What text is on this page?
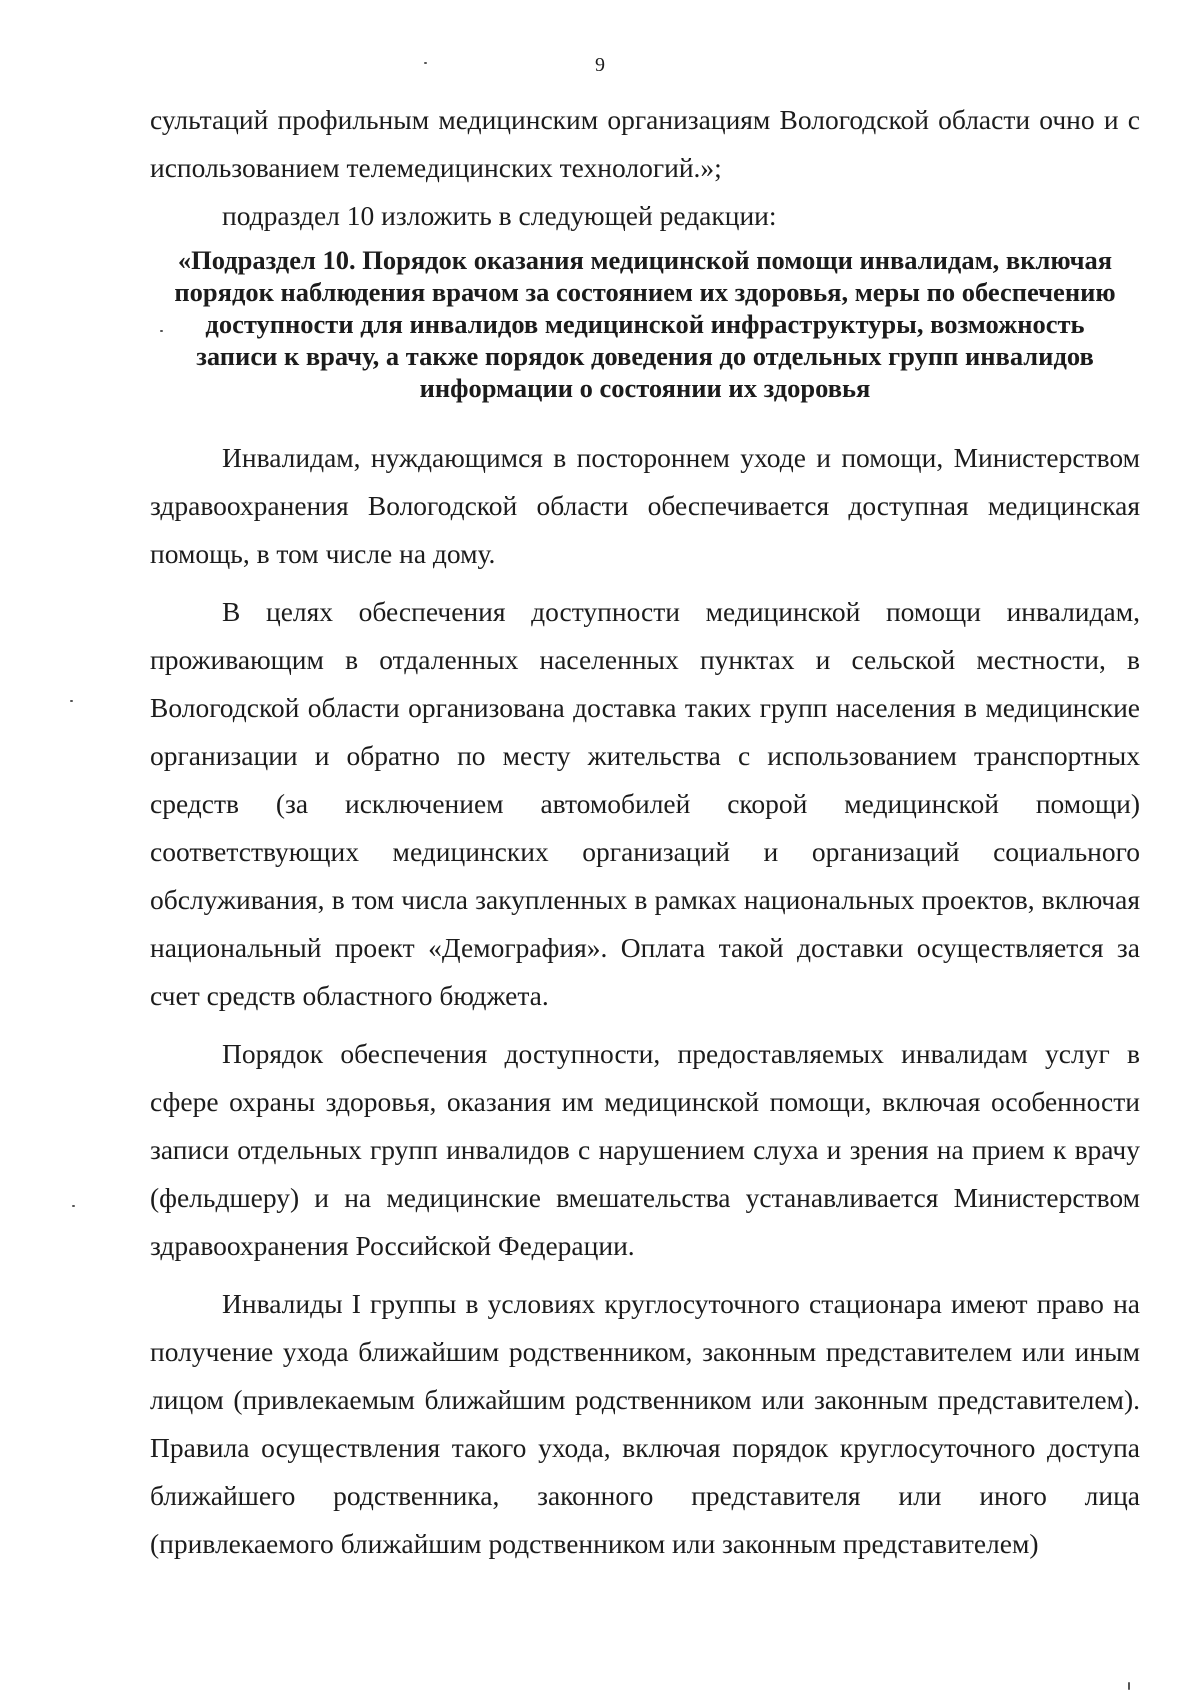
9

сультаций профильным медицинским организациям Вологодской области очно и с использованием телемедицинских технологий.»;

подраздел 10 изложить в следующей редакции:

«Подраздел 10. Порядок оказания медицинской помощи инвалидам, включая порядок наблюдения врачом за состоянием их здоровья, меры по обеспечению доступности для инвалидов медицинской инфраструктуры, возможность записи к врачу, а также порядок доведения до отдельных групп инвалидов информации о состоянии их здоровья

Инвалидам, нуждающимся в постороннем уходе и помощи, Министерством здравоохранения Вологодской области обеспечивается доступная медицинская помощь, в том числе на дому.

В целях обеспечения доступности медицинской помощи инвалидам, проживающим в отдаленных населенных пунктах и сельской местности, в Вологодской области организована доставка таких групп населения в медицинские организации и обратно по месту жительства с использованием транспортных средств (за исключением автомобилей скорой медицинской помощи) соответствующих медицинских организаций и организаций социального обслуживания, в том числа закупленных в рамках национальных проектов, включая национальный проект «Демография». Оплата такой доставки осуществляется за счет средств областного бюджета.

Порядок обеспечения доступности, предоставляемых инвалидам услуг в сфере охраны здоровья, оказания им медицинской помощи, включая особенности записи отдельных групп инвалидов с нарушением слуха и зрения на прием к врачу (фельдшеру) и на медицинские вмешательства устанавливается Министерством здравоохранения Российской Федерации.

Инвалиды I группы в условиях круглосуточного стационара имеют право на получение ухода ближайшим родственником, законным представителем или иным лицом (привлекаемым ближайшим родственником или законным представителем). Правила осуществления такого ухода, включая порядок круглосуточного доступа ближайшего родственника, законного представителя или иного лица (привлекаемого ближайшим родственником или законным представителем)
